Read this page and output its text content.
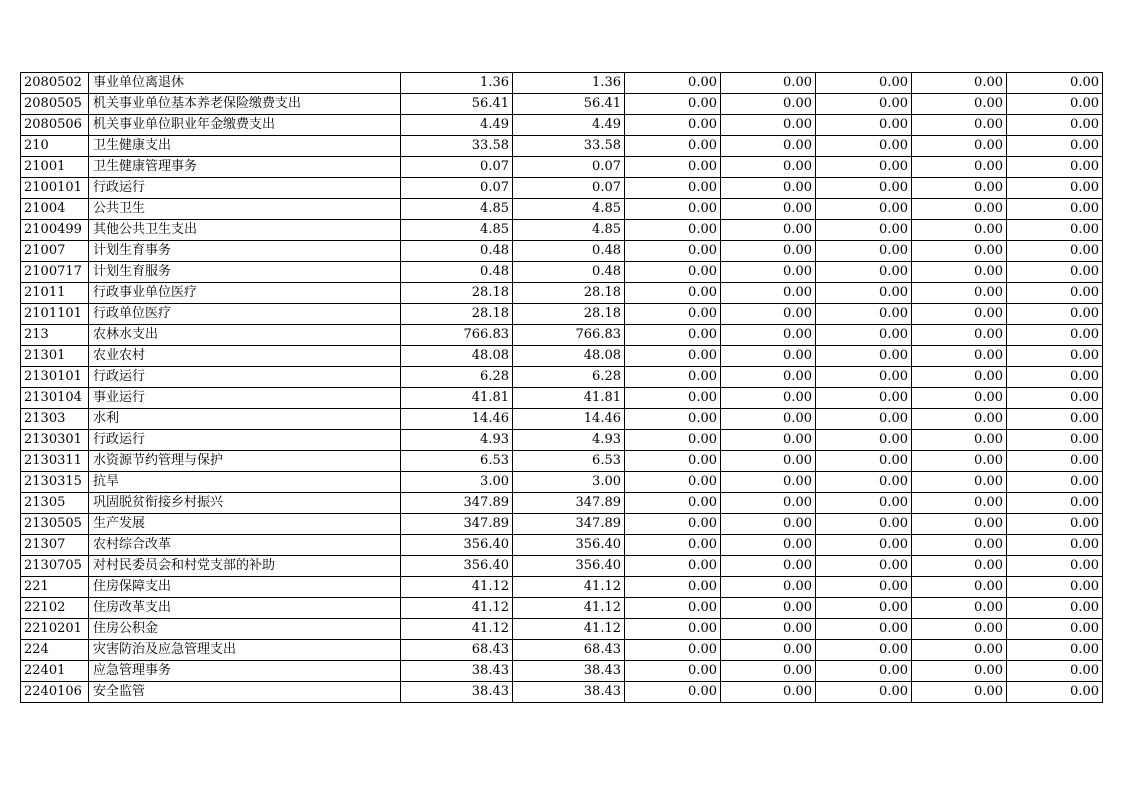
2080502	事业单位离退休	1.36	1.36	0.00	0.00	0.00	0.00	0.00
2080505	机关事业单位基本养老保险缴费支出	56.41	56.41	0.00	0.00	0.00	0.00	0.00
2080506	机关事业单位职业年金缴费支出	4.49	4.49	0.00	0.00	0.00	0.00	0.00
210	卫生健康支出	33.58	33.58	0.00	0.00	0.00	0.00	0.00
21001	卫生健康管理事务	0.07	0.07	0.00	0.00	0.00	0.00	0.00
2100101	行政运行	0.07	0.07	0.00	0.00	0.00	0.00	0.00
21004	公共卫生	4.85	4.85	0.00	0.00	0.00	0.00	0.00
2100499	其他公共卫生支出	4.85	4.85	0.00	0.00	0.00	0.00	0.00
21007	计划生育事务	0.48	0.48	0.00	0.00	0.00	0.00	0.00
2100717	计划生育服务	0.48	0.48	0.00	0.00	0.00	0.00	0.00
21011	行政事业单位医疗	28.18	28.18	0.00	0.00	0.00	0.00	0.00
2101101	行政单位医疗	28.18	28.18	0.00	0.00	0.00	0.00	0.00
213	农林水支出	766.83	766.83	0.00	0.00	0.00	0.00	0.00
21301	农业农村	48.08	48.08	0.00	0.00	0.00	0.00	0.00
2130101	行政运行	6.28	6.28	0.00	0.00	0.00	0.00	0.00
2130104	事业运行	41.81	41.81	0.00	0.00	0.00	0.00	0.00
21303	水利	14.46	14.46	0.00	0.00	0.00	0.00	0.00
2130301	行政运行	4.93	4.93	0.00	0.00	0.00	0.00	0.00
2130311	水资源节约管理与保护	6.53	6.53	0.00	0.00	0.00	0.00	0.00
2130315	抗旱	3.00	3.00	0.00	0.00	0.00	0.00	0.00
21305	巩固脱贫衔接乡村振兴	347.89	347.89	0.00	0.00	0.00	0.00	0.00
2130505	生产发展	347.89	347.89	0.00	0.00	0.00	0.00	0.00
21307	农村综合改革	356.40	356.40	0.00	0.00	0.00	0.00	0.00
2130705	对村民委员会和村党支部的补助	356.40	356.40	0.00	0.00	0.00	0.00	0.00
221	住房保障支出	41.12	41.12	0.00	0.00	0.00	0.00	0.00
22102	住房改革支出	41.12	41.12	0.00	0.00	0.00	0.00	0.00
2210201	住房公积金	41.12	41.12	0.00	0.00	0.00	0.00	0.00
224	灾害防治及应急管理支出	68.43	68.43	0.00	0.00	0.00	0.00	0.00
22401	应急管理事务	38.43	38.43	0.00	0.00	0.00	0.00	0.00
2240106	安全监管	38.43	38.43	0.00	0.00	0.00	0.00	0.00
